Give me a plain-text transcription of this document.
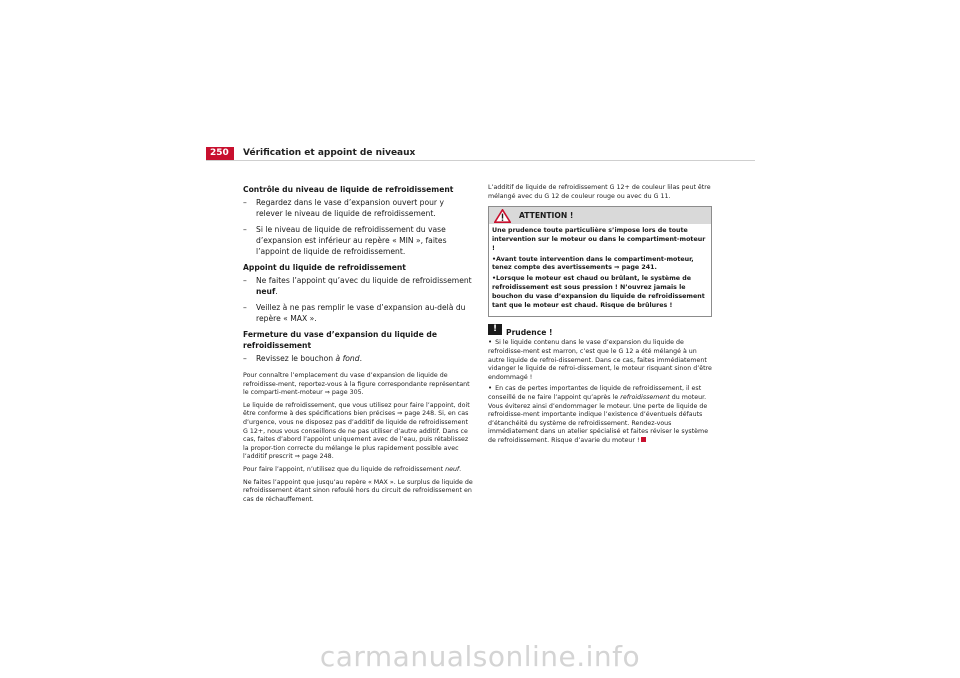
250	Vérification et appoint de niveaux
Contrôle du niveau de liquide de refroidissement
– Regardez dans le vase d’expansion ouvert pour y relever le niveau de liquide de refroidissement.
– Si le niveau de liquide de refroidissement du vase d’expansion est inférieur au repère « MIN », faites l’appoint de liquide de refroidissement.
Appoint du liquide de refroidissement
– Ne faites l’appoint qu’avec du liquide de refroidissement neuf.
– Veillez à ne pas remplir le vase d’expansion au-delà du repère « MAX ».
Fermeture du vase d’expansion du liquide de refroidissement
– Revissez le bouchon à fond.

Pour connaître l’emplacement du vase d’expansion de liquide de refroidisse-ment, reportez-vous à la figure correspondante représentant le comparti-ment-moteur ⇒ page 305.

Le liquide de refroidissement, que vous utilisez pour faire l’appoint, doit être conforme à des spécifications bien précises ⇒ page 248. Si, en cas d’urgence, vous ne disposez pas d’additif de liquide de refroidissement G 12+, nous vous conseillons de ne pas utiliser d’autre additif. Dans ce cas, faites d’abord l’appoint uniquement avec de l’eau, puis rétablissez la propor-tion correcte du mélange le plus rapidement possible avec l’additif prescrit ⇒ page 248.

Pour faire l’appoint, n’utilisez que du liquide de refroidissement neuf.

Ne faites l’appoint que jusqu’au repère « MAX ». Le surplus de liquide de refroidissement étant sinon refoulé hors du circuit de refroidissement en cas de réchauffement.

L’additif de liquide de refroidissement G 12+ de couleur lilas peut être mélangé avec du G 12 de couleur rouge ou avec du G 11.

ATTENTION !

Une prudence toute particulière s’impose lors de toute intervention sur le moteur ou dans le compartiment-moteur !

•Avant toute intervention dans le compartiment-moteur, tenez compte des avertissements ⇒ page 241.

•Lorsque le moteur est chaud ou brûlant, le système de refroidissement est sous pression ! N’ouvrez jamais le bouchon du vase d’expansion du liquide de refroidissement tant que le moteur est chaud. Risque de brûlures !

!	Prudence !

• Si le liquide contenu dans le vase d’expansion du liquide de refroidisse-ment est marron, c’est que le G 12 a été mélangé à un autre liquide de refroi-dissement. Dans ce cas, faites immédiatement vidanger le liquide de refroi-dissement, le moteur risquant sinon d’être endommagé !

• En cas de pertes importantes de liquide de refroidissement, il est conseillé de ne faire l’appoint qu’après le refroidissement du moteur. Vous éviterez ainsi d’endommager le moteur. Une perte de liquide de refroidisse-ment importante indique l’existence d’éventuels défauts d’étanchéité du système de refroidissement. Rendez-vous immédiatement dans un atelier spécialisé et faites réviser le système de refroidissement. Risque d’avarie du moteur !

carmanualsonline.info
